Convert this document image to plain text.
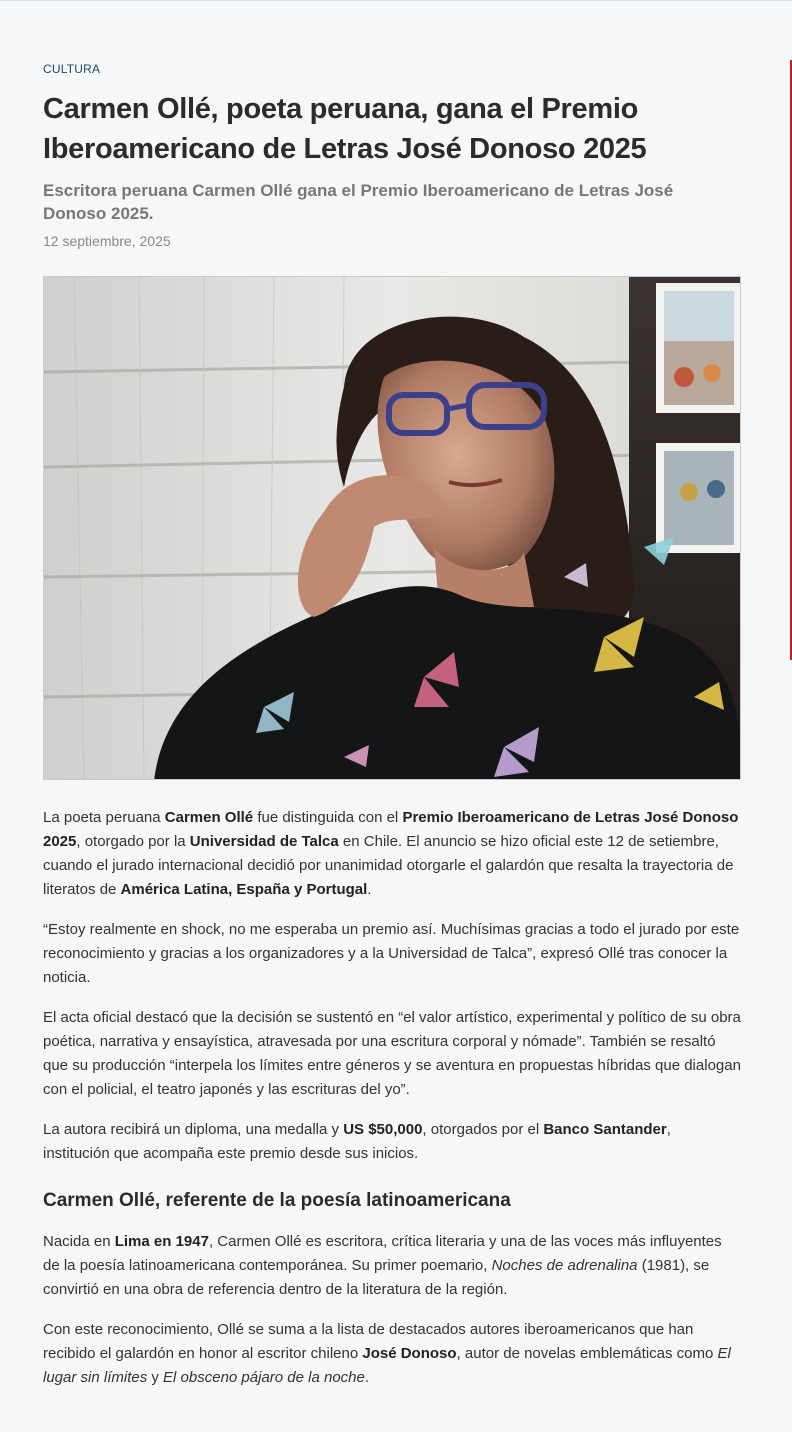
CULTURA
Carmen Ollé, poeta peruana, gana el Premio Iberoamericano de Letras José Donoso 2025
Escritora peruana Carmen Ollé gana el Premio Iberoamericano de Letras José Donoso 2025.
12 septiembre, 2025

La poeta peruana Carmen Ollé fue distinguida con el Premio Iberoamericano de Letras José Donoso 2025, otorgado por la Universidad de Talca en Chile. El anuncio se hizo oficial este 12 de setiembre, cuando el jurado internacional decidió por unanimidad otorgarle el galardón que resalta la trayectoria de literatos de América Latina, España y Portugal.

“Estoy realmente en shock, no me esperaba un premio así. Muchísimas gracias a todo el jurado por este reconocimiento y gracias a los organizadores y a la Universidad de Talca”, expresó Ollé tras conocer la noticia.

El acta oficial destacó que la decisión se sustentó en “el valor artístico, experimental y político de su obra poética, narrativa y ensayística, atravesada por una escritura corporal y nómade”. También se resaltó que su producción “interpela los límites entre géneros y se aventura en propuestas híbridas que dialogan con el policial, el teatro japonés y las escrituras del yo”.

La autora recibirá un diploma, una medalla y US $50,000, otorgados por el Banco Santander, institución que acompaña este premio desde sus inicios.

Carmen Ollé, referente de la poesía latinoamericana

Nacida en Lima en 1947, Carmen Ollé es escritora, crítica literaria y una de las voces más influyentes de la poesía latinoamericana contemporánea. Su primer poemario, Noches de adrenalina (1981), se convirtió en una obra de referencia dentro de la literatura de la región.

Con este reconocimiento, Ollé se suma a la lista de destacados autores iberoamericanos que han recibido el galardón en honor al escritor chileno José Donoso, autor de novelas emblemáticas como El lugar sin límites y El obsceno pájaro de la noche.
